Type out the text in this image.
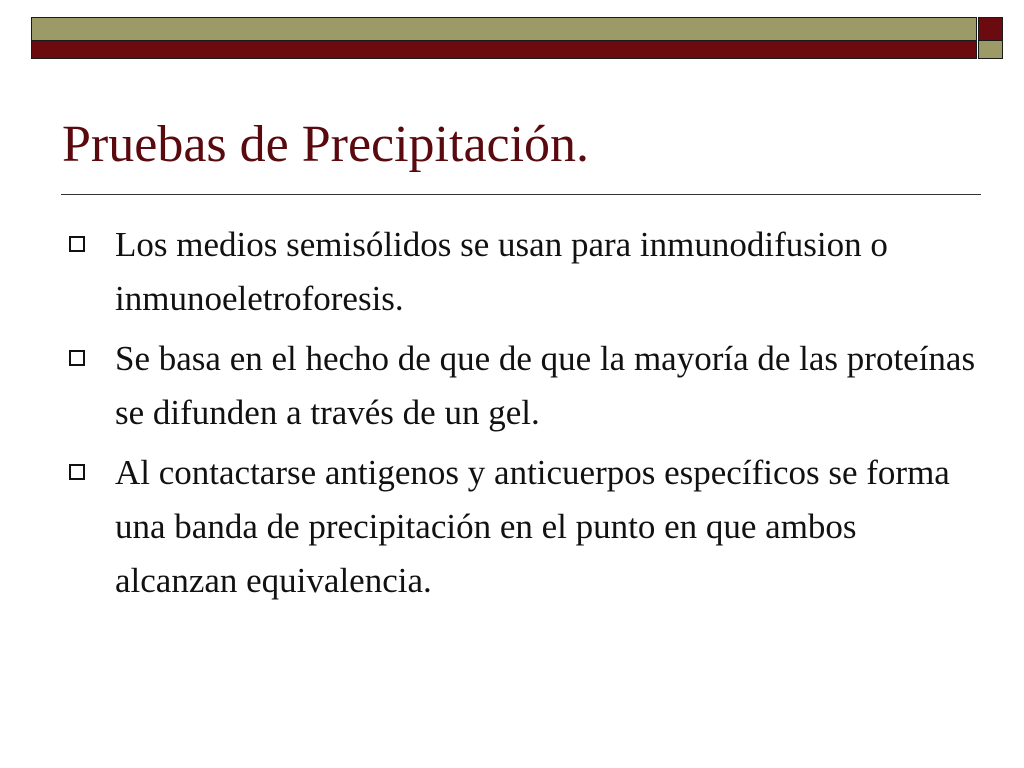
Pruebas de Precipitación.
Los medios semisólidos se usan para inmunodifusion o inmunoeletroforesis.
Se basa en el hecho de que de que la mayoría de las proteínas se difunden a través de un gel.
Al contactarse antigenos y anticuerpos específicos se forma una banda de precipitación en el punto en que ambos alcanzan equivalencia.
